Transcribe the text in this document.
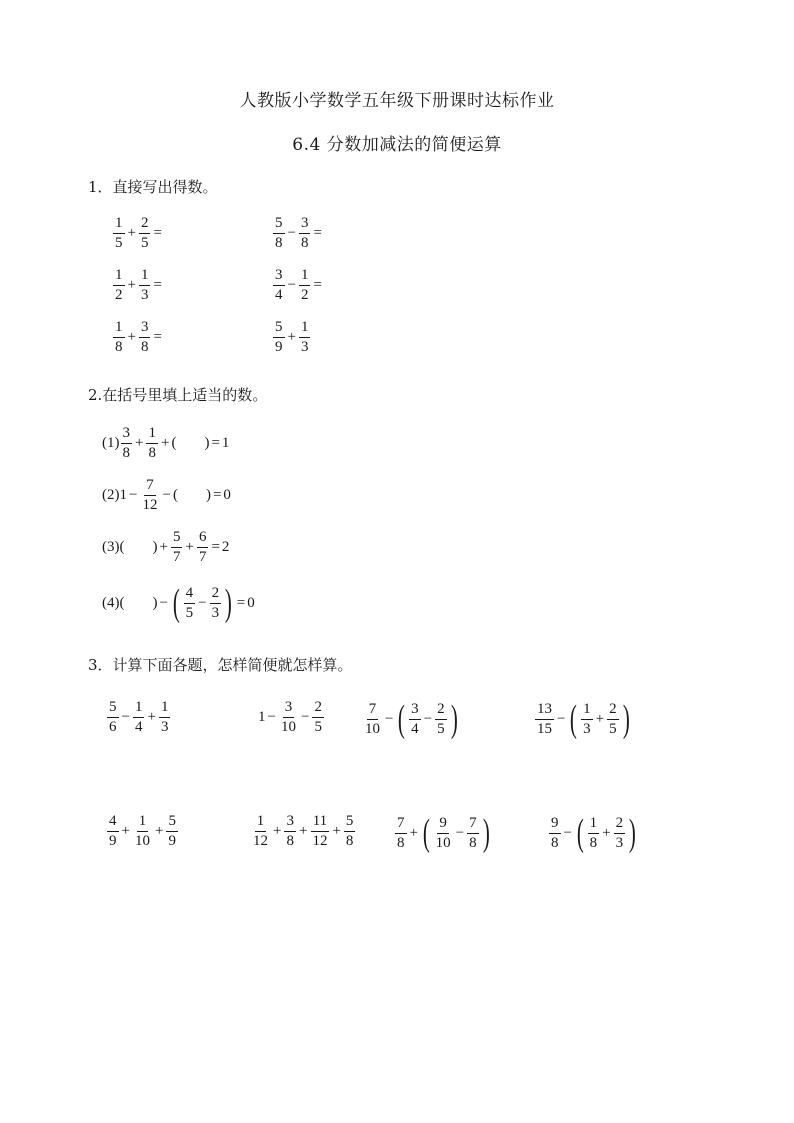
人教版小学数学五年级下册课时达标作业
6.4 分数加减法的简便运算
1．直接写出得数。
$\frac{1}{5} + \frac{2}{5}$ =	$\frac{5}{8} - \frac{3}{8}$ =
$\frac{1}{2} + \frac{1}{3}$ =	$\frac{3}{4} - \frac{1}{2}$ =
$\frac{1}{8} + \frac{3}{8}$ =	$\frac{5}{9} + \frac{1}{3}$
2.在括号里填上适当的数。
$(1) \frac{3}{8} + \frac{1}{8}$ + ( ) = 1
(2) $1 - \frac{7}{12}$ − ( ) = 0
(3) ( ) + $\frac{5}{7} + \frac{6}{7} = 2$
(4) ( ) − ( $\frac{4}{5} - \frac{2}{3}$ ) = 0
3．计算下面各题，怎样简便就怎样算。
$\frac{5}{6} - \frac{1}{4} + \frac{1}{3}$	$1 - \frac{3}{10} - \frac{2}{5}$	$\frac{7}{10}$ − ( $\frac{3}{4} - \frac{2}{5}$ )	$\frac{13}{15}$ − ( $\frac{1}{3} + \frac{2}{5}$ )
$\frac{4}{9} + \frac{1}{10} + \frac{5}{9}$	$\frac{1}{12} + \frac{3}{8} + \frac{11}{12} + \frac{5}{8}$	$\frac{7}{8}$ + ( $\frac{9}{10} - \frac{7}{8}$ )	$\frac{9}{8}$ − ( $\frac{1}{8} + \frac{2}{3}$ )
